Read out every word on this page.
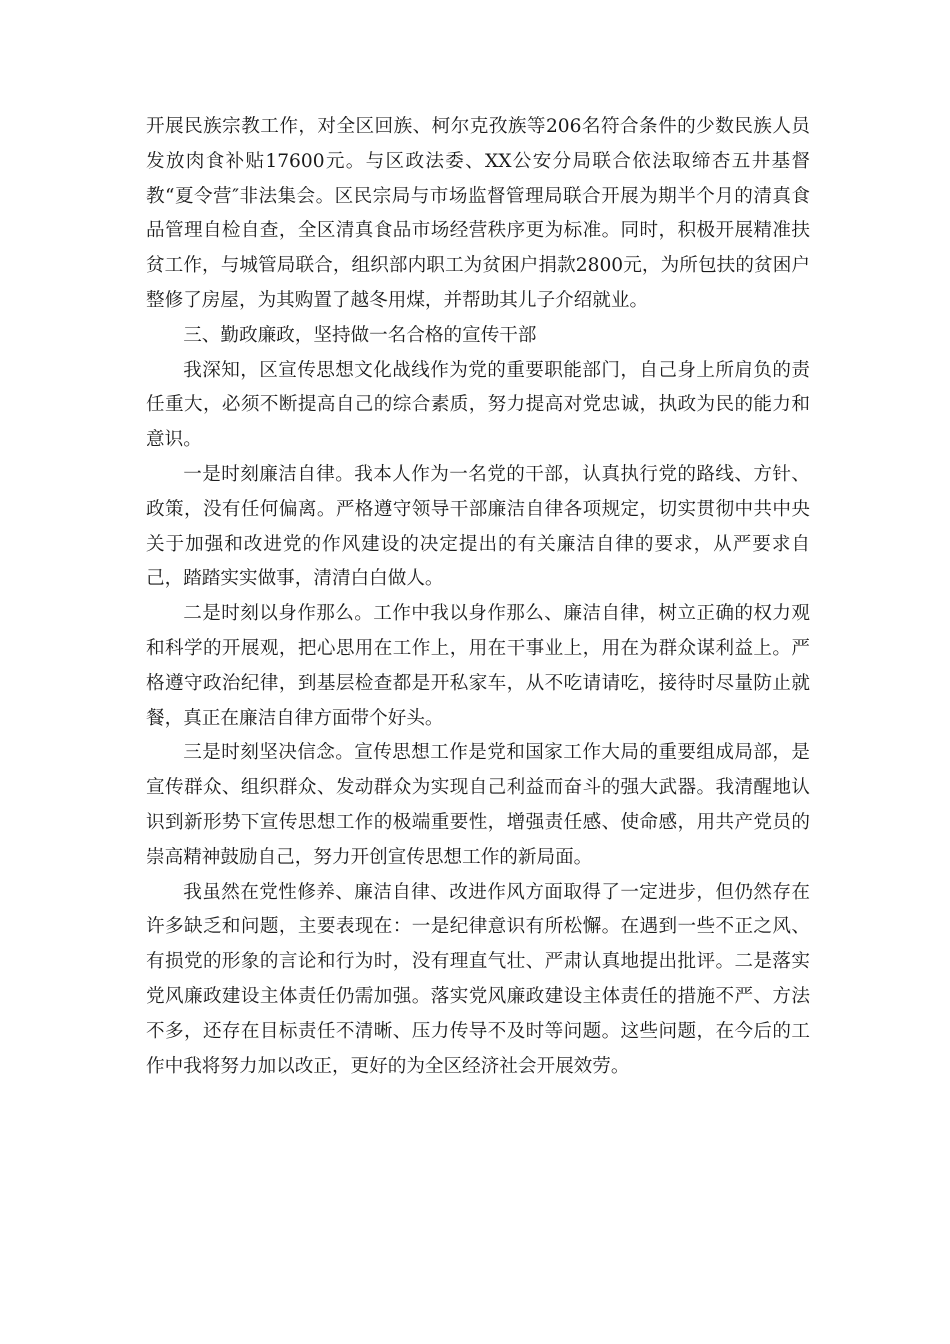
开展民族宗教工作，对全区回族、柯尔克孜族等206名符合条件的少数民族人员发放肉食补贴17600元。与区政法委、XX公安分局联合依法取缔杏五井基督教“夏令营″非法集会。区民宗局与市场监督管理局联合开展为期半个月的清真食品管理自检自查，全区清真食品市场经营秩序更为标准。同时，积极开展精准扶贫工作，与城管局联合，组织部内职工为贫困户捐款2800元，为所包扶的贫困户整修了房屋，为其购置了越冬用煤，并帮助其儿子介绍就业。

三、勤政廉政，坚持做一名合格的宣传干部

我深知，区宣传思想文化战线作为党的重要职能部门，自己身上所肩负的责任重大，必须不断提高自己的综合素质，努力提高对党忠诚，执政为民的能力和意识。

一是时刻廉洁自律。我本人作为一名党的干部，认真执行党的路线、方针、政策，没有任何偏离。严格遵守领导干部廉洁自律各项规定，切实贯彻中共中央关于加强和改进党的作风建设的决定提出的有关廉洁自律的要求，从严要求自己，踏踏实实做事，清清白白做人。

二是时刻以身作那么。工作中我以身作那么、廉洁自律，树立正确的权力观和科学的开展观，把心思用在工作上，用在干事业上，用在为群众谋利益上。严格遵守政治纪律，到基层检查都是开私家车，从不吃请请吃，接待时尽量防止就餐，真正在廉洁自律方面带个好头。

三是时刻坚决信念。宣传思想工作是党和国家工作大局的重要组成局部，是宣传群众、组织群众、发动群众为实现自己利益而奋斗的强大武器。我清醒地认识到新形势下宣传思想工作的极端重要性，增强责任感、使命感，用共产党员的崇高精神鼓励自己，努力开创宣传思想工作的新局面。

我虽然在党性修养、廉洁自律、改进作风方面取得了一定进步，但仍然存在许多缺乏和问题，主要表现在：一是纪律意识有所松懈。在遇到一些不正之风、有损党的形象的言论和行为时，没有理直气壮、严肃认真地提出批评。二是落实党风廉政建设主体责任仍需加强。落实党风廉政建设主体责任的措施不严、方法不多，还存在目标责任不清晰、压力传导不及时等问题。这些问题，在今后的工作中我将努力加以改正，更好的为全区经济社会开展效劳。
